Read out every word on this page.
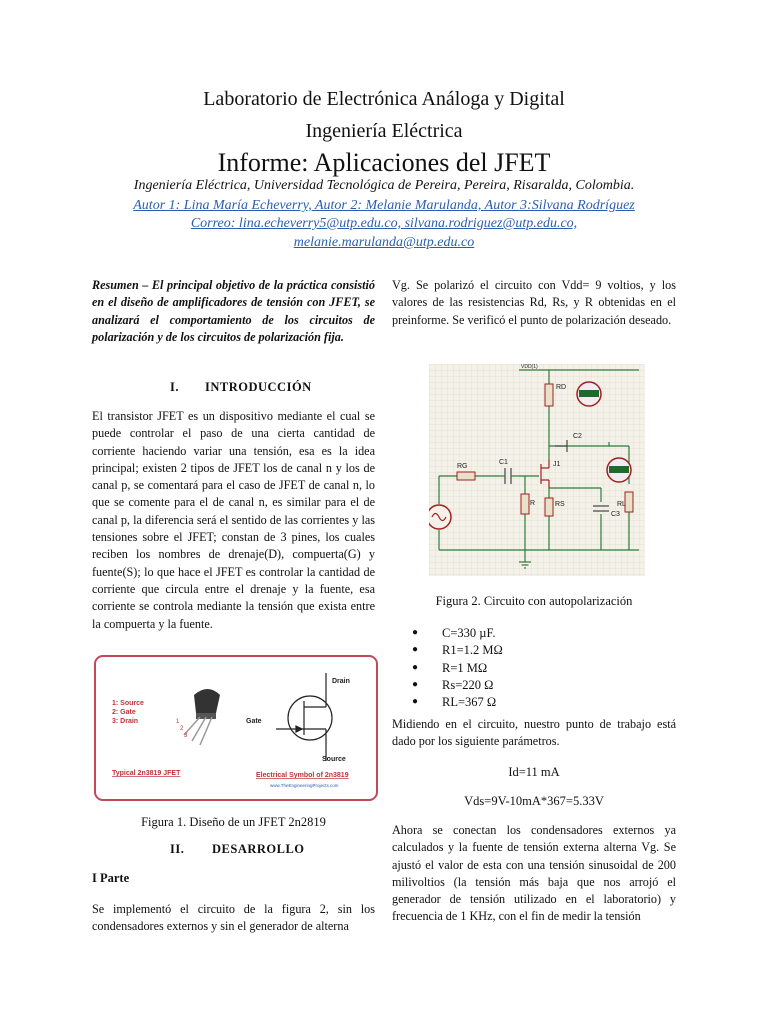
Laboratorio de Electrónica Análoga y Digital
Ingeniería Eléctrica
Informe: Aplicaciones del JFET
Ingeniería Eléctrica, Universidad Tecnológica de Pereira, Pereira, Risaralda, Colombia.
Autor 1: Lina María Echeverry, Autor 2: Melanie Marulanda, Autor 3:Silvana Rodríguez
Correo: lina.echeverry5@utp.edu.co, silvana.rodriguez@utp.edu.co,
melanie.marulanda@utp.edu.co
Resumen – El principal objetivo de la práctica consistió en el diseño de amplificadores de tensión con JFET, se analizará el comportamiento de los circuitos de polarización y de los circuitos de polarización fija.
I. INTRODUCCIÓN
El transistor JFET es un dispositivo mediante el cual se puede controlar el paso de una cierta cantidad de corriente haciendo variar una tensión, esa es la idea principal; existen 2 tipos de JFET los de canal n y los de canal p, se comentará para el caso de JFET de canal n, lo que se comente para el de canal n, es similar para el de canal p, la diferencia será el sentido de las corrientes y las tensiones sobre el JFET; constan de 3 pines, los cuales reciben los nombres de drenaje(D), compuerta(G) y fuente(S); lo que hace el JFET es controlar la cantidad de corriente que circula entre el drenaje y la fuente, esa corriente se controla mediante la tensión que exista entre la compuerta y la fuente.
1: Source
2: Gate
3: Drain	1
2
3
Drain
Gate
Source
Typical 2n3819 JFET	Electrical Symbol of 2n3819
www.TheEngineeringProjects.com
Figura 1. Diseño de un JFET 2n2819
II. DESARROLLO
I Parte
Se implementó el circuito de la figura 2, sin los condensadores externos y sin el generador de alterna
Vg. Se polarizó el circuito con Vdd= 9 voltios, y los valores de las resistencias Rd, Rs, y R obtenidas en el preinforme. Se verificó el punto de polarización deseado.
RD
C2
C1	J1
RG
R	RS
C3
RL
VDD(1)
Figura 2. Circuito con autopolarización
● C=330 µF.
● R1=1.2 MΩ
● R=1 MΩ
● Rs=220 Ω
● RL=367 Ω
Midiendo en el circuito, nuestro punto de trabajo está dado por los siguiente parámetros.
Id=11 mA
Vds=9V-10mA*367=5.33V
Ahora se conectan los condensadores externos ya calculados y la fuente de tensión externa alterna Vg. Se ajustó el valor de esta con una tensión sinusoidal de 200 milivoltios (la tensión más baja que nos arrojó el generador de tensión utilizado en el laboratorio) y frecuencia de 1 KHz, con el fin de medir la tensión
